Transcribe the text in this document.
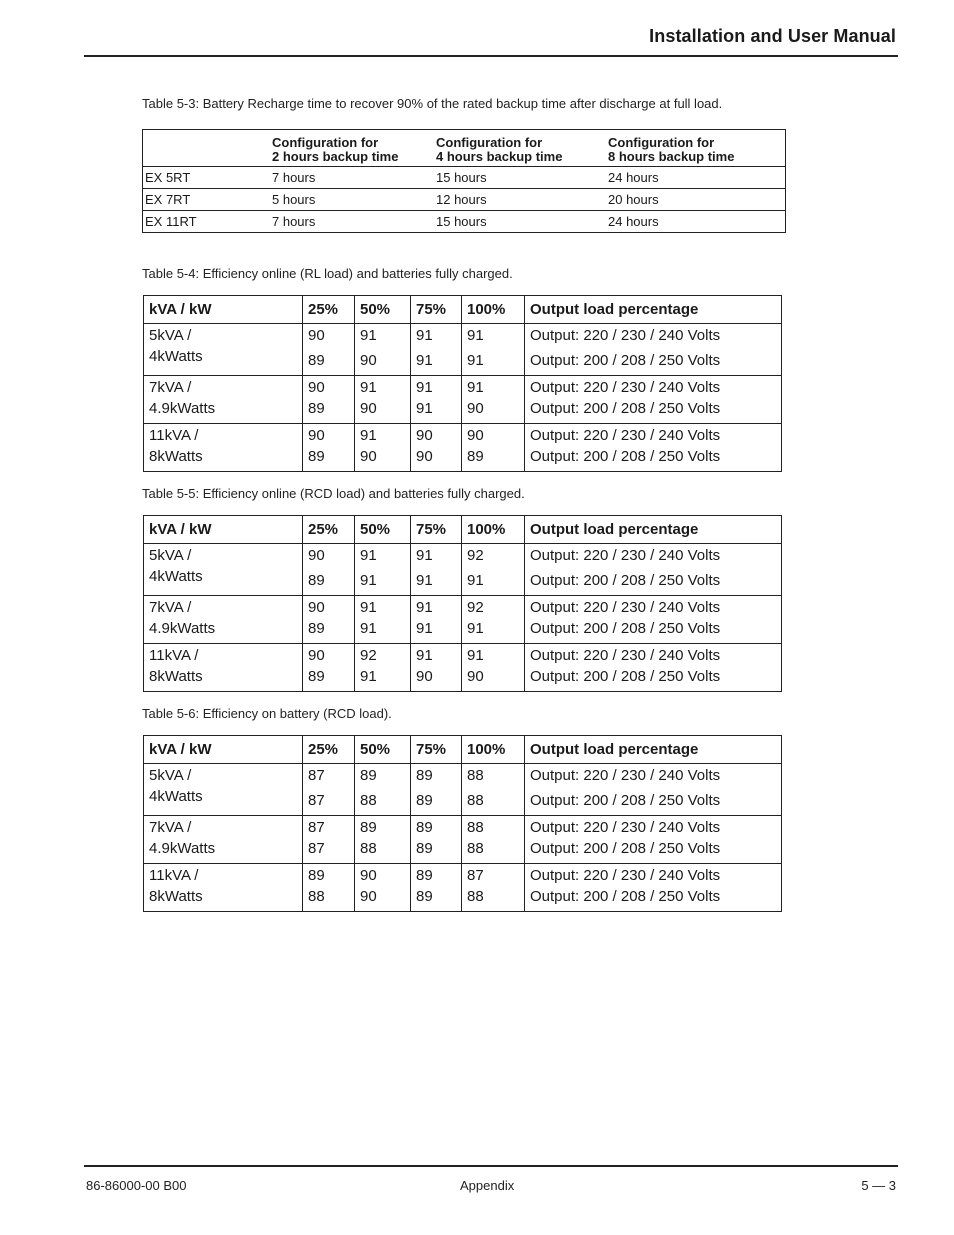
Installation and User Manual
Table 5-3: Battery Recharge time to recover 90% of the rated backup time after discharge at full load.

	Configuration for
2 hours backup time	Configuration for
4 hours backup time	Configuration for
8 hours backup time

EX 5RT	7 hours	15 hours	24 hours
EX 7RT	5 hours	12 hours	20 hours
EX 11RT	7 hours	15 hours	24 hours
Table 5-4: Efficiency online (RL load) and batteries fully charged.
kVA / kW	25%	50%	75%	100%	Output load percentage

5kVA /
4kWatts	90
89	91
90	91
91	91
91	Output: 220 / 230 / 240 Volts
Output: 200 / 208 / 250 Volts

7kVA /
4.9kWatts	90
89	91
90	91
91	91
90	Output: 220 / 230 / 240 Volts
Output: 200 / 208 / 250 Volts

11kVA /
8kWatts	90
89	91
90	90
90	90
89	Output: 220 / 230 / 240 Volts
Output: 200 / 208 / 250 Volts
Table 5-5: Efficiency online (RCD load) and batteries fully charged.
kVA / kW	25%	50%	75%	100%	Output load percentage

5kVA /
4kWatts	90
89	91
91	91
91	92
91	Output: 220 / 230 / 240 Volts
Output: 200 / 208 / 250 Volts

7kVA /
4.9kWatts	90
89	91
91	91
91	92
91	Output: 220 / 230 / 240 Volts
Output: 200 / 208 / 250 Volts

11kVA /
8kWatts	90
89	92
91	91
90	91
90	Output: 220 / 230 / 240 Volts
Output: 200 / 208 / 250 Volts
Table 5-6: Efficiency on battery (RCD load).
kVA / kW	25%	50%	75%	100%	Output load percentage

5kVA /
4kWatts	87
87	89
88	89
89	88
88	Output: 220 / 230 / 240 Volts
Output: 200 / 208 / 250 Volts

7kVA /
4.9kWatts	87
87	89
88	89
89	88
88	Output: 220 / 230 / 240 Volts
Output: 200 / 208 / 250 Volts

11kVA /
8kWatts	89
88	90
90	89
89	87
88	Output: 220 / 230 / 240 Volts
Output: 200 / 208 / 250 Volts
86-86000-00 B00	Appendix	5 — 3
